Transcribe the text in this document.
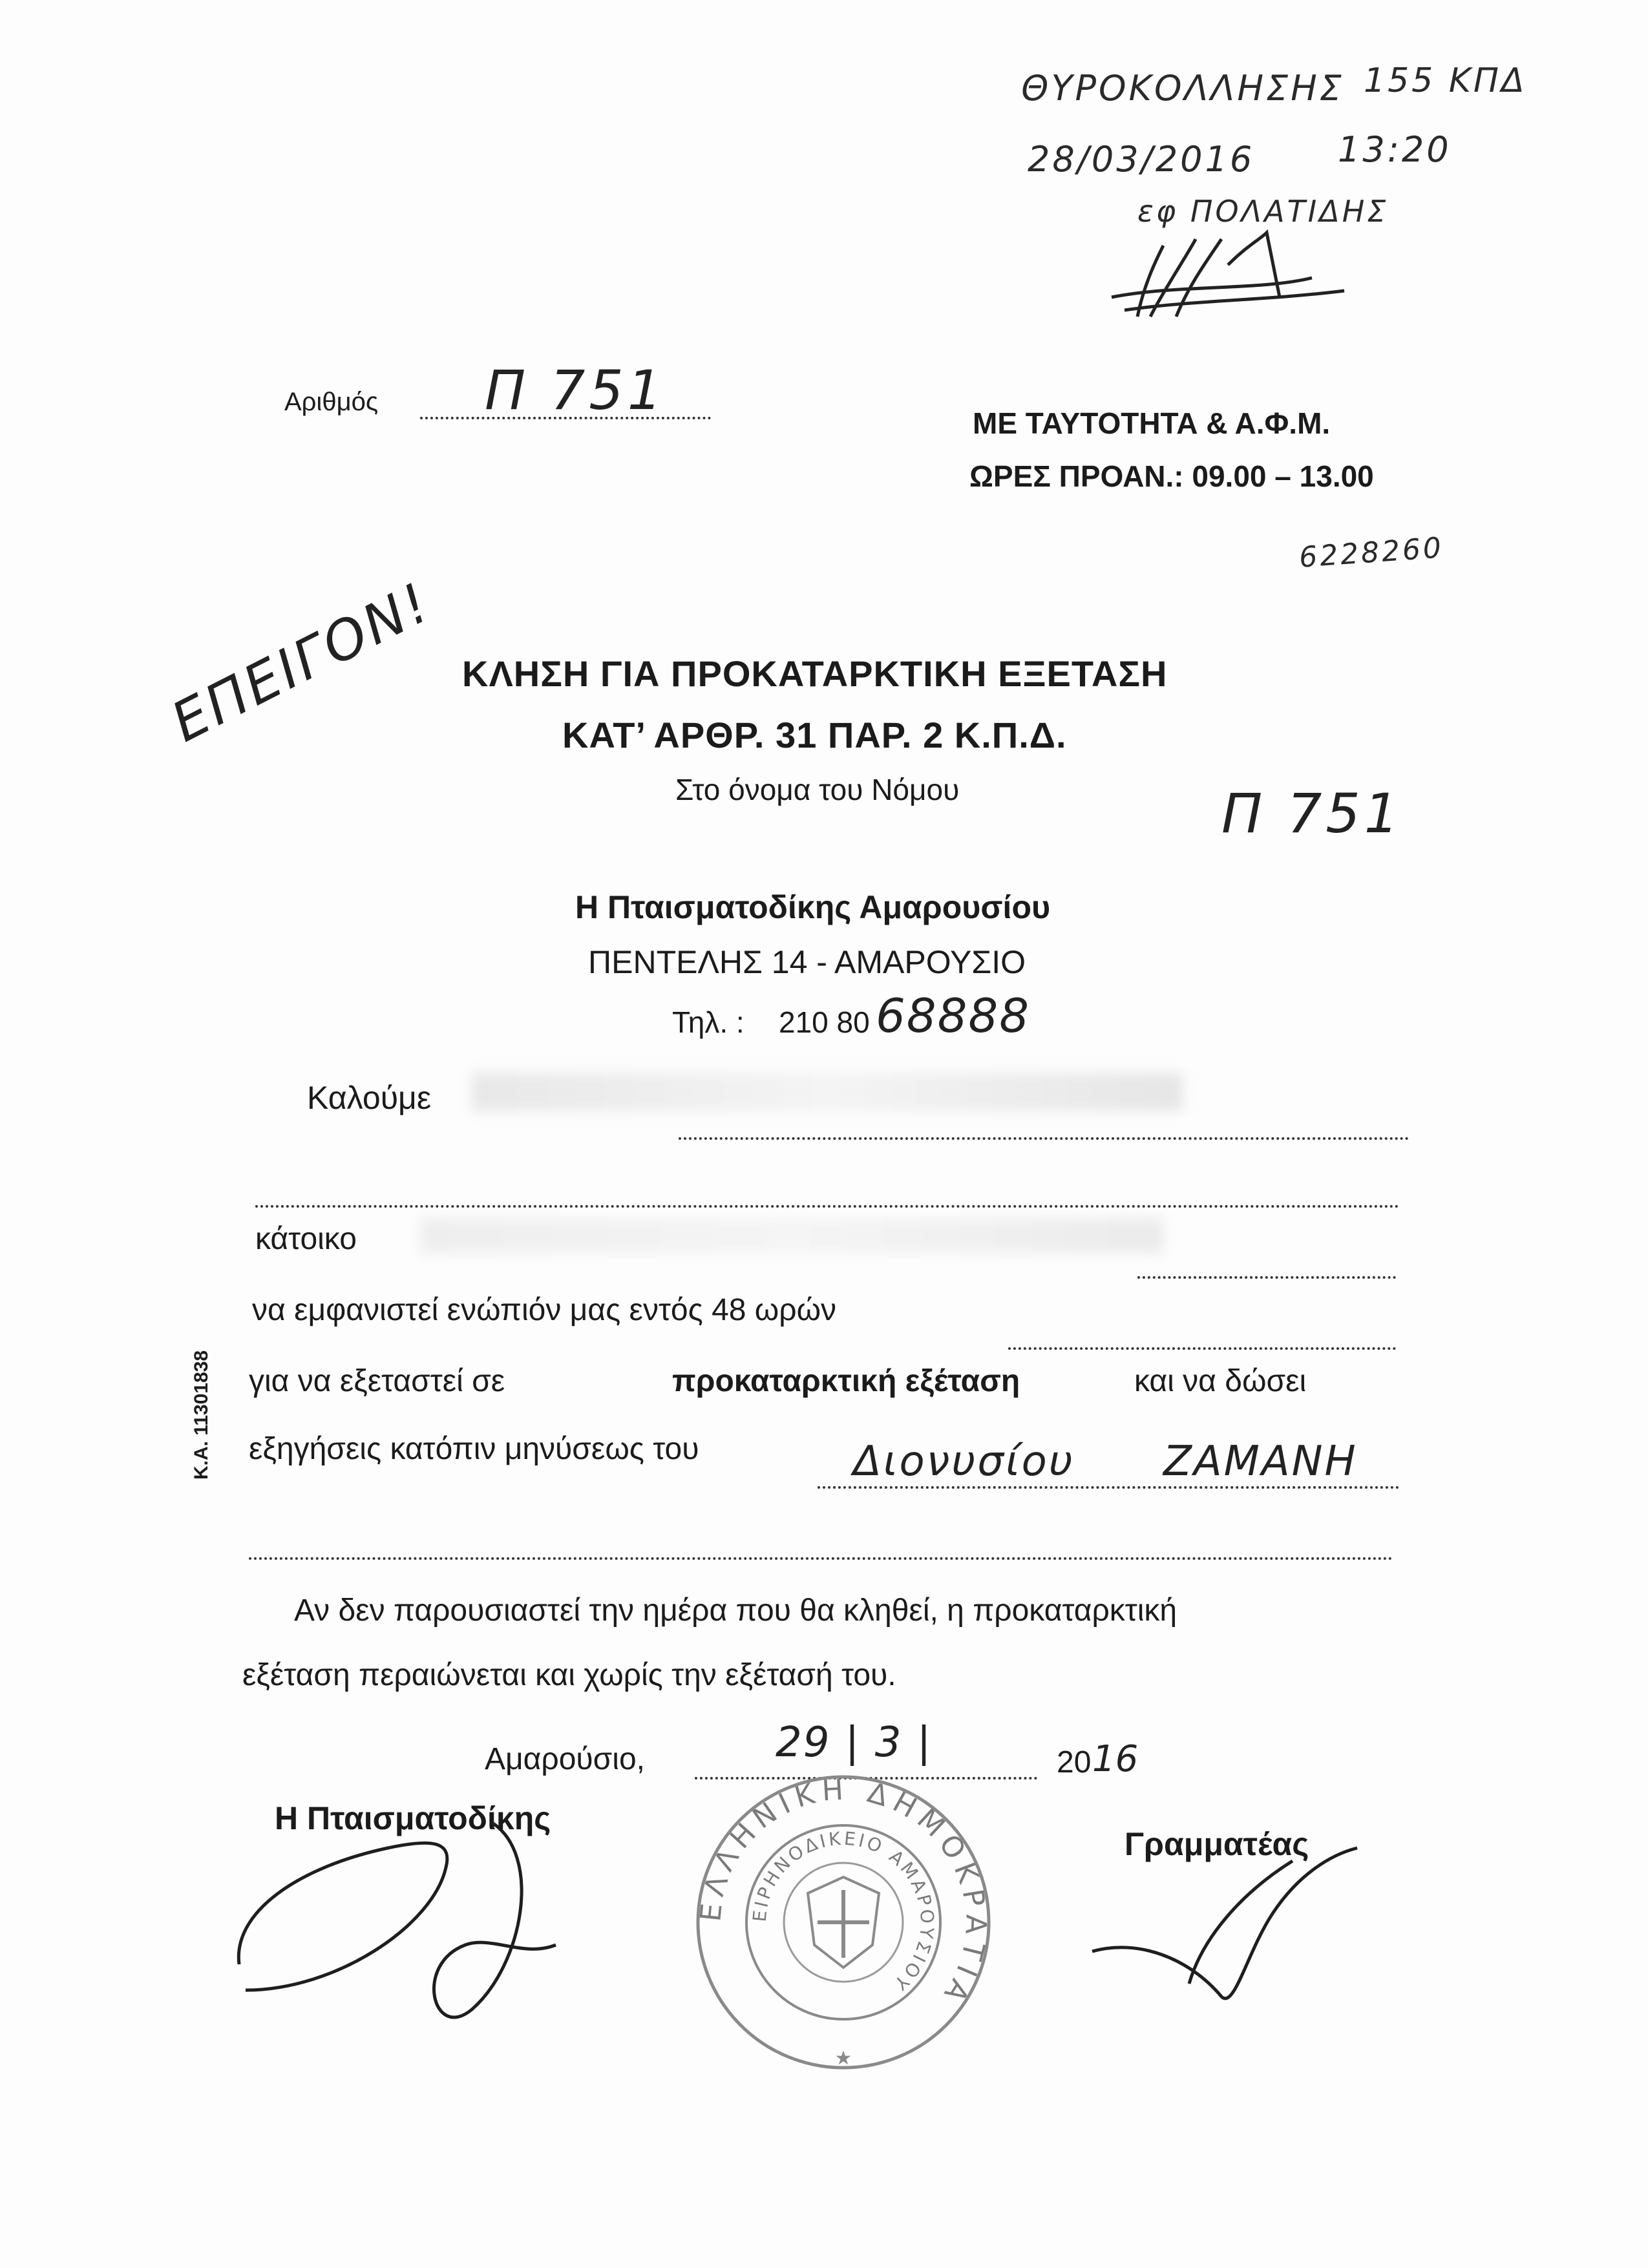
ΘΥΡΟΚΟΛΛΗΣΗΣ 155 ΚΠΔ
28/03/2016 13:20
εφ ΠΟΛΑΤΙΔΗΣ
Αριθμός Π 751
ΜΕ ΤΑΥΤΟΤΗΤΑ & Α.Φ.Μ.
ΩΡΕΣ ΠΡΟΑΝ.: 09.00 – 13.00
6228260
ΕΠΕΙΓΟΝ! ΚΛΗΣΗ ΓΙΑ ΠΡΟΚΑΤΑΡΚΤΙΚΗ ΕΞΕΤΑΣΗ
ΚΑΤ’ ΑΡΘΡ. 31 ΠΑΡ. 2 Κ.Π.Δ.
Στο όνομα του Νόμου	Π 751
Η Πταισματοδίκης Αμαρουσίου
ΠΕΝΤΕΛΗΣ 14 - ΑΜΑΡΟΥΣΙΟ
Τηλ. : 210 80 68888
Καλούμε
κάτοικο
να εμφανιστεί ενώπιόν μας εντός 48 ωρών
για να εξεταστεί σε	προκαταρκτική εξέταση	και να δώσει
εξηγήσεις κατόπιν μηνύσεως του	Διονυσίου ΖΑΜΑΝΗ
Αν δεν παρουσιαστεί την ημέρα που θα κληθεί, η προκαταρκτική
εξέταση περαιώνεται και χωρίς την εξέτασή του.
Κ.Α. 11301838
Αμαρούσιο,	29 | 3 |	20 16
Η Πταισματοδίκης
Γραμματέας
ΕΛΛΗΝΙΚΗ ΔΗΜΟΚΡΑΤΙΑ
ΕΙΡΗΝΟΔΙΚΕΙΟ ΑΜΑΡΟΥΣΙΟΥ
★
